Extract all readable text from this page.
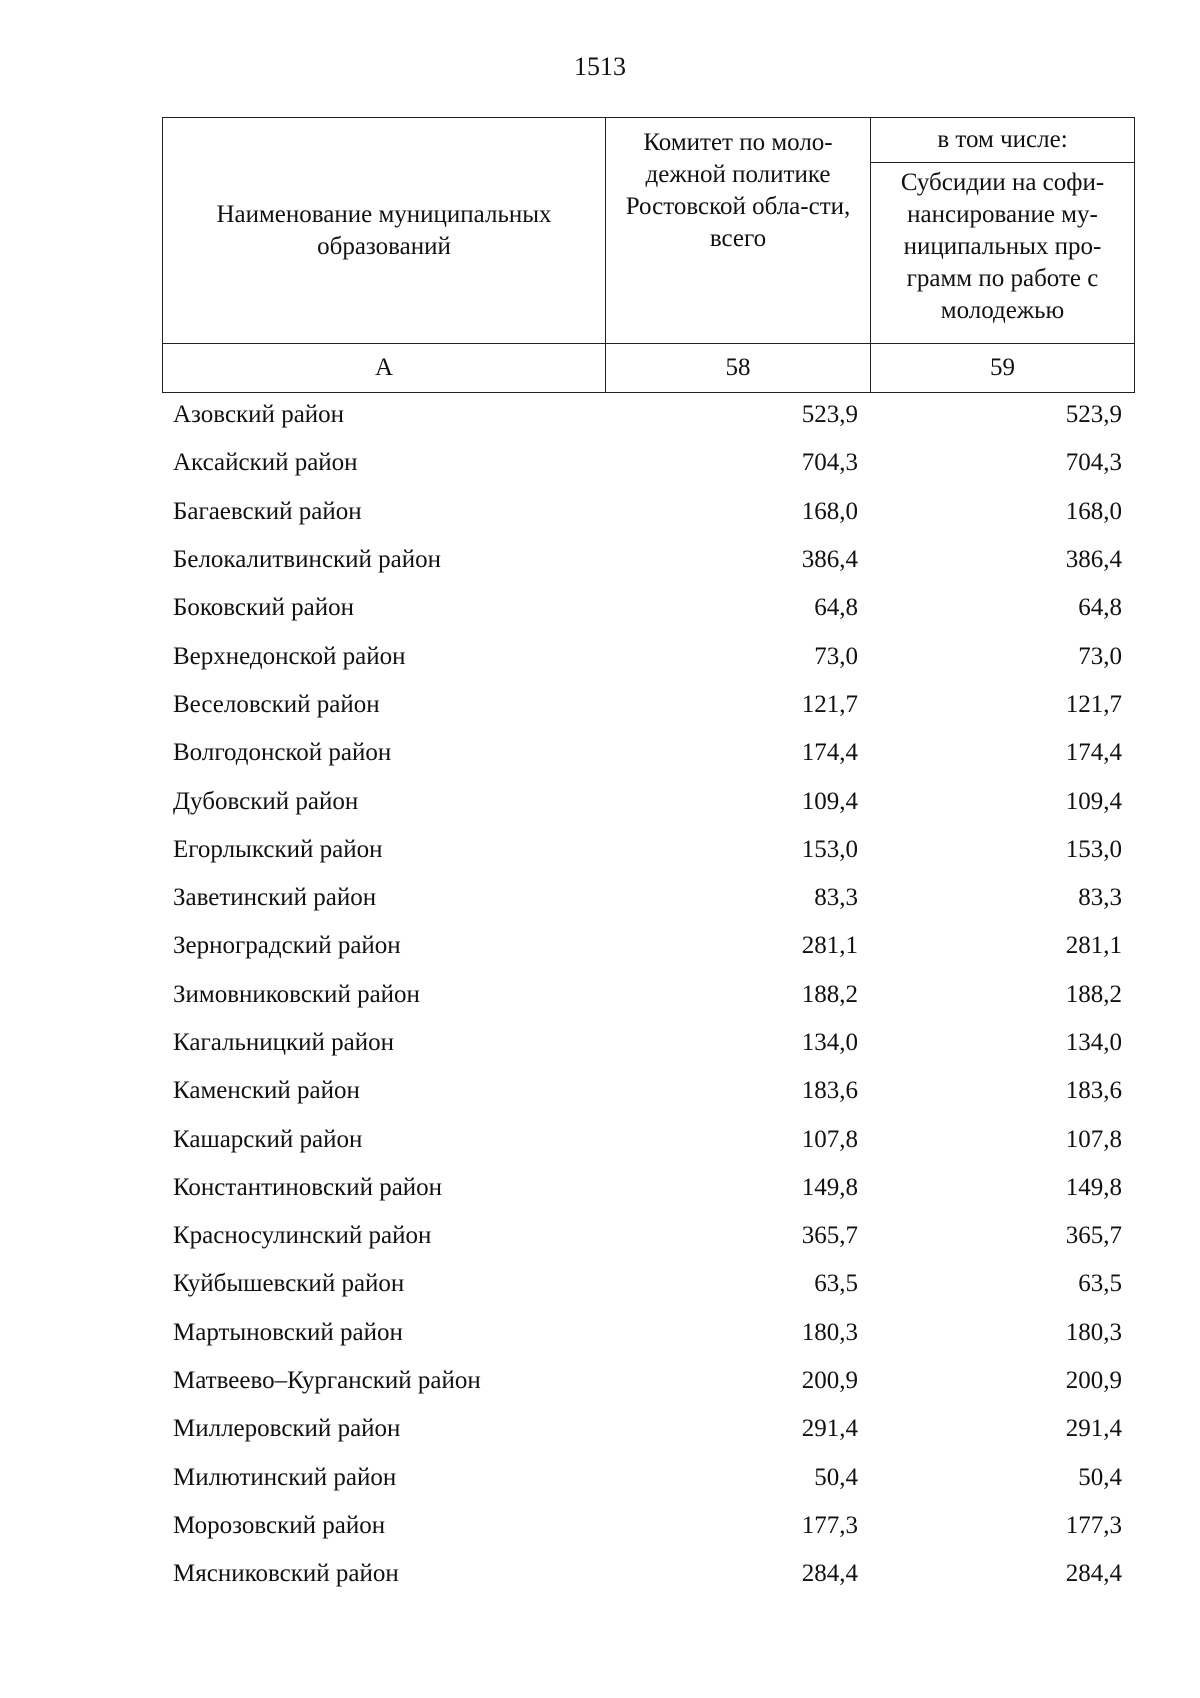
1513
Наименование муниципальных образований	Комитет по моло-дежной политике Ростовской обла-сти, всего	в том числе:
		Субсидии на софи-нансирование му-ниципальных про-грамм по работе с молодежью
А	58	59
Азовский район	523,9	523,9
Аксайский район	704,3	704,3
Багаевский район	168,0	168,0
Белокалитвинский район	386,4	386,4
Боковский район	64,8	64,8
Верхнедонской район	73,0	73,0
Веселовский район	121,7	121,7
Волгодонской район	174,4	174,4
Дубовский район	109,4	109,4
Егорлыкский район	153,0	153,0
Заветинский район	83,3	83,3
Зерноградский район	281,1	281,1
Зимовниковский район	188,2	188,2
Кагальницкий район	134,0	134,0
Каменский район	183,6	183,6
Кашарский район	107,8	107,8
Константиновский район	149,8	149,8
Красносулинский район	365,7	365,7
Куйбышевский район	63,5	63,5
Мартыновский район	180,3	180,3
Матвеево–Курганский район	200,9	200,9
Миллеровский район	291,4	291,4
Милютинский район	50,4	50,4
Морозовский район	177,3	177,3
Мясниковский район	284,4	284,4
